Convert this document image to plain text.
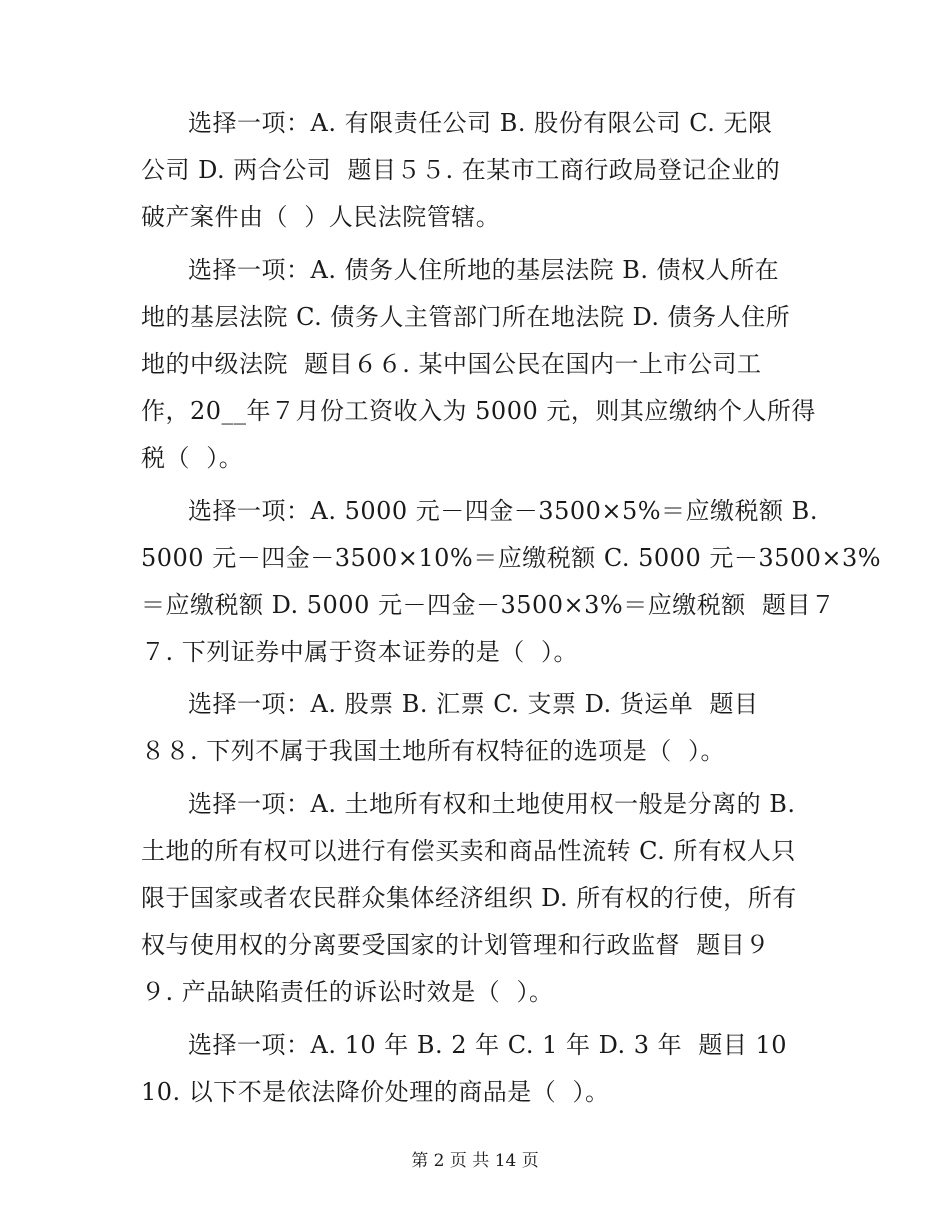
选择一项：A. 有限责任公司 B. 股份有限公司 C. 无限
公司 D. 两合公司  题目５５. 在某市工商行政局登记企业的
破产案件由（  ）人民法院管辖。
选择一项：A. 债务人住所地的基层法院 B. 债权人所在
地的基层法院 C. 债务人主管部门所在地法院 D. 债务人住所
地的中级法院  题目６６. 某中国公民在国内一上市公司工
作，20__年７月份工资收入为 5000 元，则其应缴纳个人所得
税（  ）。
选择一项：A. 5000 元－四金－3500×5%＝应缴税额 B.
5000 元－四金－3500×10%＝应缴税额 C. 5000 元－3500×3%
＝应缴税额 D. 5000 元－四金－3500×3%＝应缴税额  题目７
７. 下列证券中属于资本证券的是（  ）。
选择一项：A. 股票 B. 汇票 C. 支票 D. 货运单  题目
８８. 下列不属于我国土地所有权特征的选项是（  ）。
选择一项：A. 土地所有权和土地使用权一般是分离的 B.
土地的所有权可以进行有偿买卖和商品性流转 C. 所有权人只
限于国家或者农民群众集体经济组织 D. 所有权的行使，所有
权与使用权的分离要受国家的计划管理和行政监督  题目９
９. 产品缺陷责任的诉讼时效是（  ）。
选择一项：A. 10 年 B. 2 年 C. 1 年 D. 3 年  题目 10
10. 以下不是依法降价处理的商品是（  ）。
第 2 页 共 14 页
